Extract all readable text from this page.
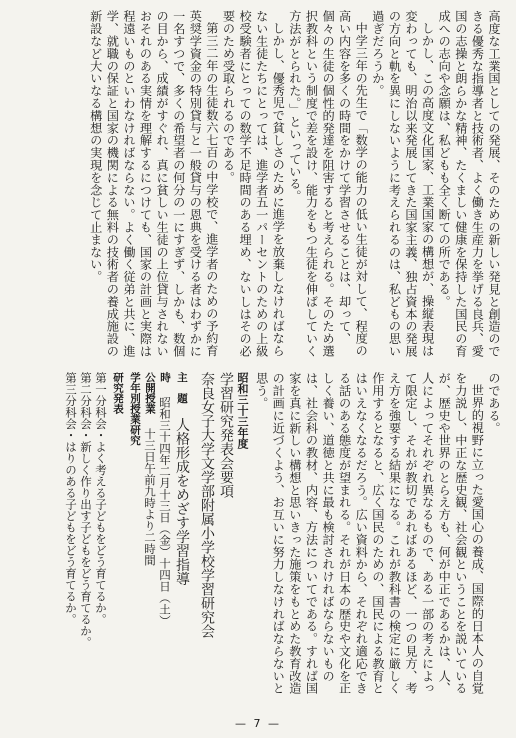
高度な工業国としての発展、そのための新しい発見と創造のできる優秀な指導者と技術者、よく働き生産力を挙げる良兵、愛国の志操と朗らかな精神、たくましい健康を保持した国民の育成への志向や念願は、私どもも全く断ての所である。

しかし、この高度文化国家、工業国家の構想が、操縦表現は変わっても、明治以来発展してきた国家主義、独占資本の発展の方向と軌を異にしないように考えられるのは、私どもの思い過ぎだろうか。

中学三年の先生で「数学の能力の低い生徒が対して、程度の高い内容を多くの時間をかけて学習させることは、却って、個々の生徒の個性的発達を阻害すると考えられる。そのため選択教科という制度で差を設け、能力をもつ生徒を伸ばしていく方法がとられた。」といっている。

しかし、優秀児で貧しさのために進学を放棄しなければならない生徒たちにとっては、進学者五一パーセントのための上級校受験者にとっての数学不足時間のある埋め、ないしはその必要のため受取られるのである。

第三二年の生徒数六七百の中学校で、進学者のための予約育英奨学資金の特別貸与と一般貸与の恩典を受ける者はわずかに一名すつで、多くの希望者の何分の一にすぎず、しかも、数個の目から、成績がすぐれ、真に貧しい生徒の上位貸与されないおそれのある実情を理解するにつけても、国家の計画と実際は程遠いものといわなければならない。よく働く従弟と共に、進学、就職の保証と国家の機関による無料の技術者の養成施設の新設など大いなる構想の実現を念じて止まない。

のである。

世界的視野に立った愛国心の養成、国際的日本人の自覚を力説し、中正な歴史観、社会観ということを説いているが、歴史や世界のとらえ方も、何が中正であるかは、人、人によってそれぞれ異なるもので、ある一部の考えによって限定し、それが教切であればあるほど、一つの見方、考え方を強要する結果になる。これが教科書の検定に厳しく作用するとなると、広く国民のための、国民による教育とはいえなくなるだろう。広い資料から、それぞれ適応できる話のある態度が望まれる。それが日本の歴史や文化を正しく養い、道徳と共に最も検討されければならないものは、社会科の教材、内容、方法についてである。すれば国家を真に新しい構想と思いきった施策をもとめた教育改造の計画に近づくよう、お互いに努力しなければならないと思う。

昭和三十三年度
学習研究発表会要項
奈良女子大学文学部附属小学校学習研究会
主　題 人格形成をめざす学習指導
時 昭和三十四年二月十三日（金）十四日（土）
公開授業 十三日午前九時より二時間
学年別授業研究
研究発表
第一分科会・よく考える子どもをどう育てるか。
第二分科会・新しく作り出す子どもをどう育てるか。
第三分科会・はりのある子どもをどう育てるか。
— 7 —
